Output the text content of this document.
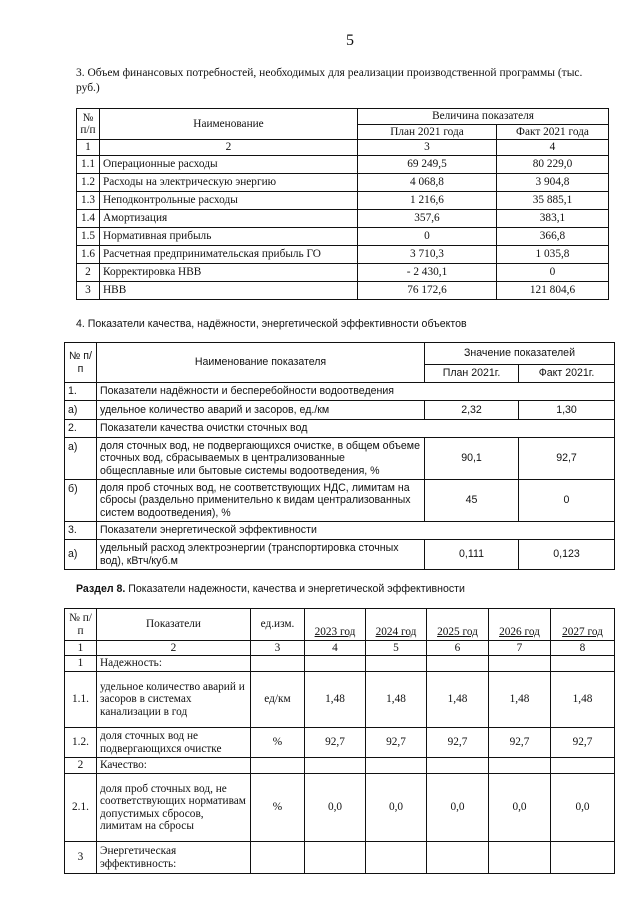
5
3. Объем финансовых потребностей, необходимых для реализации производственной программы (тыс.
руб.)
№ п/п	Наименование	Величина показателя	
		План 2021 года	Факт 2021 года
1	2	3	4
1.1	Операционные расходы	69 249,5	80 229,0
1.2	Расходы на электрическую энергию	4 068,8	3 904,8
1.3	Неподконтрольные расходы	1 216,6	35 885,1
1.4	Амортизация	357,6	383,1
1.5	Нормативная прибыль	0	366,8
1.6	Расчетная предпринимательская прибыль ГО	3 710,3	1 035,8
2	Корректировка НВВ	- 2 430,1	0
3	НВВ	76 172,6	121 804,6
4. Показатели качества, надёжности, энергетической эффективности объектов
№ п/п	Наименование показателя	Значение показателей	
		План 2021г.	Факт 2021г.
1.	Показатели надёжности и бесперебойности водоотведения		
а)	удельное количество аварий и засоров, ед./км	2,32	1,30
2.	Показатели качества очистки сточных вод		
а)	доля сточных вод, не подвергающихся очистке, в общем объеме сточных вод, сбрасываемых в централизованные общесплавные или бытовые системы водоотведения, %	90,1	92,7
б)	доля проб сточных вод, не соответствующих НДС, лимитам на сбросы (раздельно применительно к видам централизованных систем водоотведения), %	45	0
3.	Показатели энергетической эффективности		
а)	удельный расход электроэнергии (транспортировка сточных вод), кВтч/куб.м	0,111	0,123
Раздел 8. Показатели надежности, качества и энергетической эффективности
№ п/п	Показатели	ед.изм.	2023 год	2024 год	2025 год	2026 год	2027 год
1	2	3	4	5	6	7	8
1	Надежность:						
1.1.	удельное количество аварий и засоров в системах канализации в год	ед/км	1,48	1,48	1,48	1,48	1,48
1.2.	доля сточных вод не подвергающихся очистке	%	92,7	92,7	92,7	92,7	92,7
2	Качество:						
2.1.	доля проб сточных вод, не соответствующих нормативам допустимых сбросов, лимитам на сбросы	%	0,0	0,0	0,0	0,0	0,0
3	Энергетическая эффективность:						
